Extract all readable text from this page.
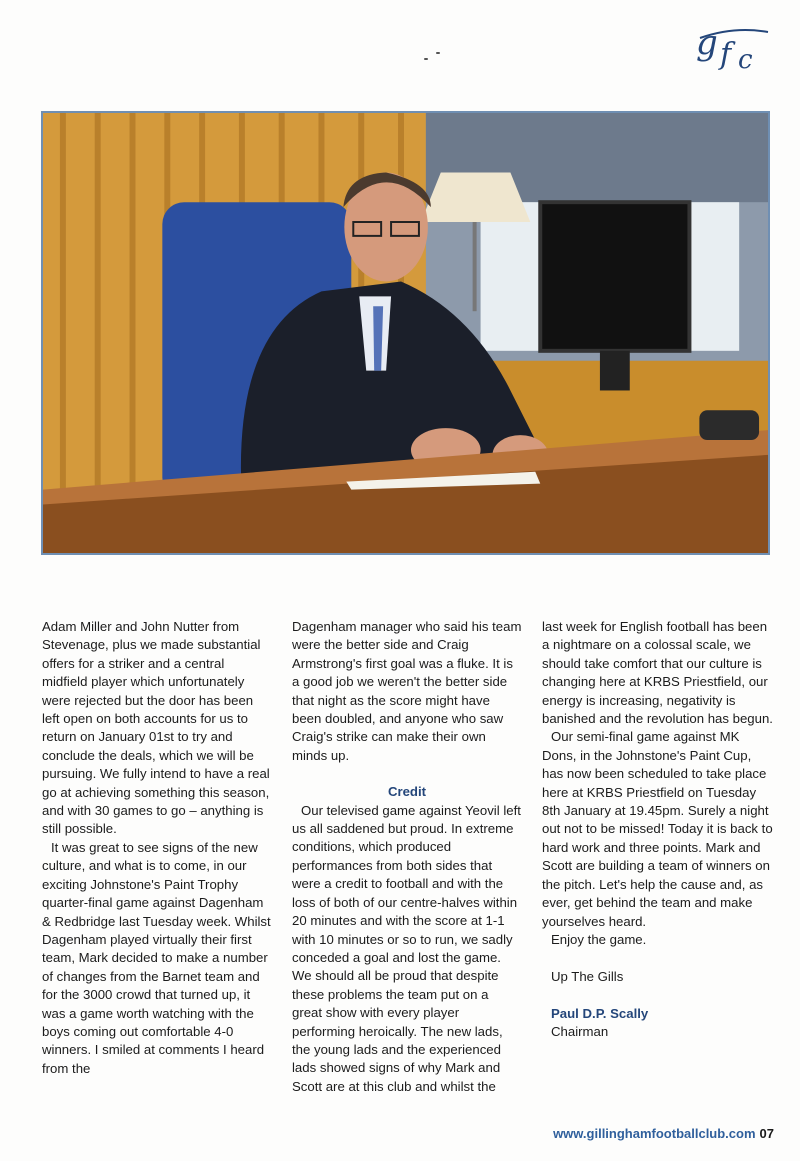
g f c

Adam Miller and John Nutter from Stevenage, plus we made substantial offers for a striker and a central midfield player which unfortunately were rejected but the door has been left open on both accounts for us to return on January 01st to try and conclude the deals, which we will be pursuing. We fully intend to have a real go at achieving something this season, and with 30 games to go – anything is still possible.

It was great to see signs of the new culture, and what is to come, in our exciting Johnstone's Paint Trophy quarter-final game against Dagenham & Redbridge last Tuesday week. Whilst Dagenham played virtually their first team, Mark decided to make a number of changes from the Barnet team and for the 3000 crowd that turned up, it was a game worth watching with the boys coming out comfortable 4-0 winners. I smiled at comments I heard from the

Dagenham manager who said his team were the better side and Craig Armstrong's first goal was a fluke. It is a good job we weren't the better side that night as the score might have been doubled, and anyone who saw Craig's strike can make their own minds up.

Credit

Our televised game against Yeovil left us all saddened but proud. In extreme conditions, which produced performances from both sides that were a credit to football and with the loss of both of our centre-halves within 20 minutes and with the score at 1-1 with 10 minutes or so to run, we sadly conceded a goal and lost the game. We should all be proud that despite these problems the team put on a great show with every player performing heroically. The new lads, the young lads and the experienced lads showed signs of why Mark and Scott are at this club and whilst the

last week for English football has been a nightmare on a colossal scale, we should take comfort that our culture is changing here at KRBS Priestfield, our energy is increasing, negativity is banished and the revolution has begun.

Our semi-final game against MK Dons, in the Johnstone's Paint Cup, has now been scheduled to take place here at KRBS Priestfield on Tuesday 8th January at 19.45pm. Surely a night out not to be missed! Today it is back to hard work and three points. Mark and Scott are building a team of winners on the pitch. Let's help the cause and, as ever, get behind the team and make yourselves heard.

Enjoy the game.

Up The Gills

Paul D.P. Scally

Chairman

www.gillinghamfootballclub.com 07
